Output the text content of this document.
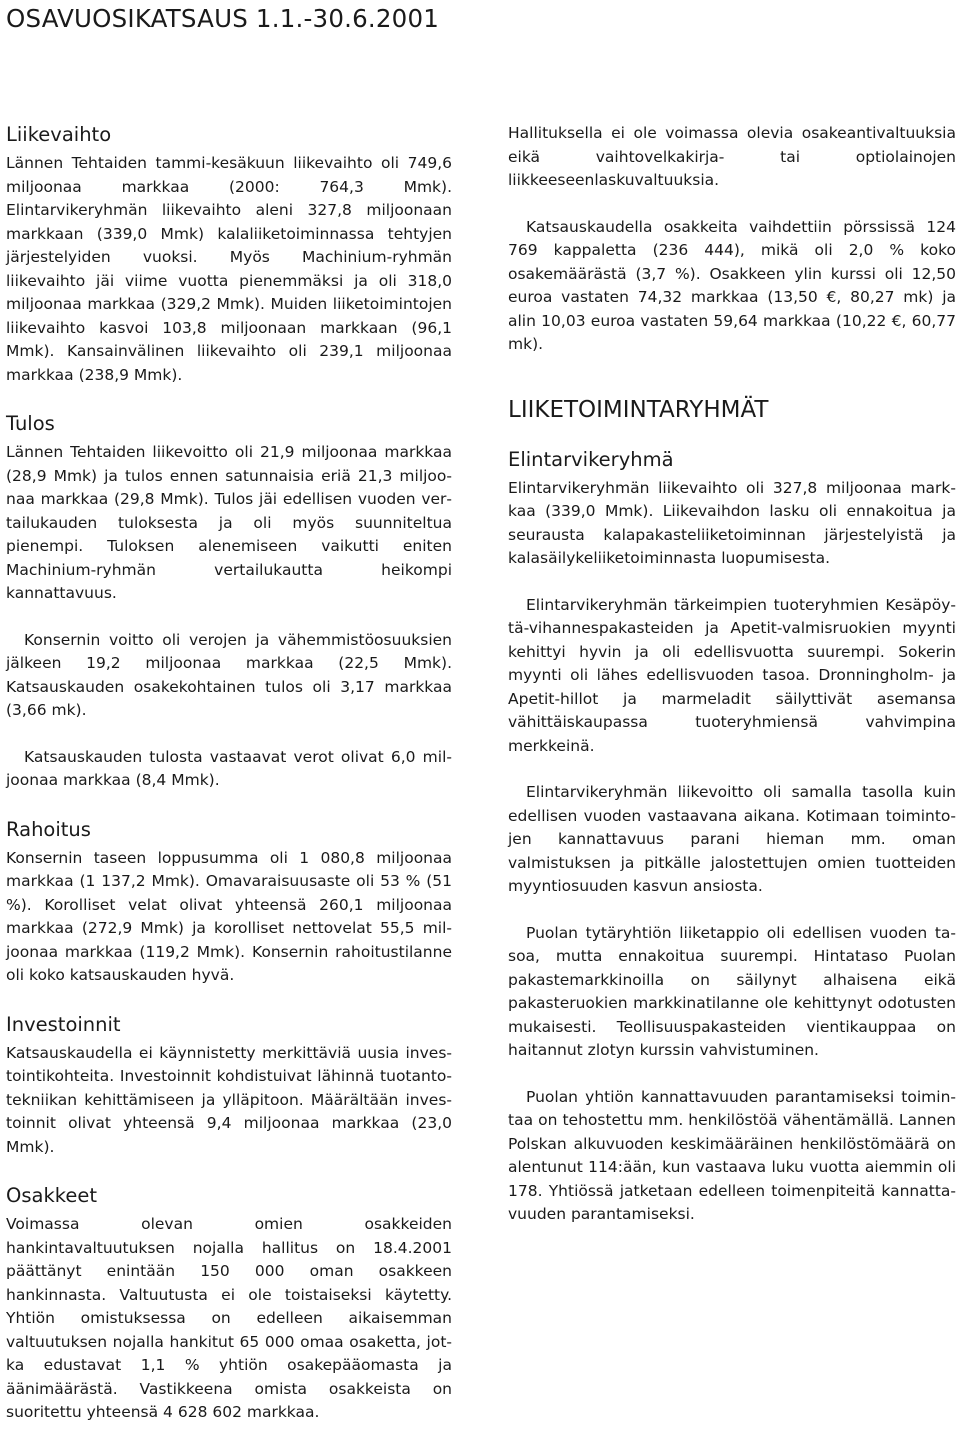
OSAVUOSIKATSAUS 1.1.-30.6.2001
Liikevaihto

Lännen Tehtaiden tammi-kesäkuun liikevaihto oli 749,6 miljoonaa markkaa (2000: 764,3 Mmk). Elintarvikeryhmän liikevaihto aleni 327,8 miljoonaan markkaan (339,0 Mmk) kalaliiketoiminnassa tehtyjen järjestelyiden vuoksi. Myös Machinium-ryhmän liikevaihto jäi viime vuotta pienemmäksi ja oli 318,0 miljoonaa markkaa (329,2 Mmk). Muiden liiketoimintojen liikevaihto kasvoi 103,8 miljoonaan markkaan (96,1 Mmk). Kansainvälinen liikevaihto oli 239,1 miljoonaa markkaa (238,9 Mmk).

Tulos

Lännen Tehtaiden liikevoitto oli 21,9 miljoonaa markkaa (28,9 Mmk) ja tulos ennen satunnaisia eriä 21,3 miljoonaa markkaa (29,8 Mmk). Tulos jäi edellisen vuoden vertailukauden tuloksesta ja oli myös suunniteltua pienempi. Tuloksen alenemiseen vaikutti eniten Machinium-ryhmän vertailukautta heikompi kannattavuus.

Konsernin voitto oli verojen ja vähemmistöosuuksien jälkeen 19,2 miljoonaa markkaa (22,5 Mmk). Katsauskauden osakekohtainen tulos oli 3,17 markkaa (3,66 mk).

Katsauskauden tulosta vastaavat verot olivat 6,0 miljoonaa markkaa (8,4 Mmk).

Rahoitus

Konsernin taseen loppusumma oli 1 080,8 miljoonaa markkaa (1 137,2 Mmk). Omavaraisuusaste oli 53 % (51 %). Korolliset velat olivat yhteensä 260,1 miljoonaa markkaa (272,9 Mmk) ja korolliset nettovelat 55,5 miljoonaa markkaa (119,2 Mmk). Konsernin rahoitustilanne oli koko katsauskauden hyvä.

Investoinnit

Katsauskaudella ei käynnistetty merkittäviä uusia investointikohteita. Investoinnit kohdistuivat lähinnä tuotantotekniikan kehittämiseen ja ylläpitoon. Määrältään investoinnit olivat yhteensä 9,4 miljoonaa markkaa (23,0 Mmk).

Osakkeet

Voimassa olevan omien osakkeiden hankintavaltuutuksen nojalla hallitus on 18.4.2001 päättänyt enintään 150 000 oman osakkeen hankinnasta. Valtuutusta ei ole toistaiseksi käytetty. Yhtiön omistuksessa on edelleen aikaisemman valtuutuksen nojalla hankitut 65 000 omaa osaketta, jotka edustavat 1,1 % yhtiön osakepääomasta ja äänimäärästä. Vastikkeena omista osakkeista on suoritettu yhteensä 4 628 602 markkaa.

Hallituksella ei ole voimassa olevia osakeantivaltuuksia eikä vaihtovelkakirja- tai optiolainojen liikkeeseenlaskuvaltuuksia.

Katsauskaudella osakkeita vaihdettiin pörssissä 124 769 kappaletta (236 444), mikä oli 2,0 % koko osakemäärästä (3,7 %). Osakkeen ylin kurssi oli 12,50 euroa vastaten 74,32 markkaa (13,50 €, 80,27 mk) ja alin 10,03 euroa vastaten 59,64 markkaa (10,22 €, 60,77 mk).

LIIKETOIMINTARYHMÄT
Elintarvikeryhmä

Elintarvikeryhmän liikevaihto oli 327,8 miljoonaa markkaa (339,0 Mmk). Liikevaihdon lasku oli ennakoitua ja seurausta kalapakasteliiketoiminnan järjestelyistä ja kalasäilykeliiketoiminnasta luopumisesta.

Elintarvikeryhmän tärkeimpien tuoteryhmien Kesäpöytä-vihannespakasteiden ja Apetit-valmisruokien myynti kehittyi hyvin ja oli edellisvuotta suurempi. Sokerin myynti oli lähes edellisvuoden tasoa. Dronningholm- ja Apetit-hillot ja marmeladit säilyttivät asemansa vähittäiskaupassa tuoteryhmiensä vahvimpina merkkeinä.

Elintarvikeryhmän liikevoitto oli samalla tasolla kuin edellisen vuoden vastaavana aikana. Kotimaan toimintojen kannattavuus parani hieman mm. oman valmistuksen ja pitkälle jalostettujen omien tuotteiden myyntiosuuden kasvun ansiosta.

Puolan tytäryhtiön liiketappio oli edellisen vuoden tasoa, mutta ennakoitua suurempi. Hintataso Puolan pakastemarkkinoilla on säilynyt alhaisena eikä pakasteruokien markkinatilanne ole kehittynyt odotusten mukaisesti. Teollisuuspakasteiden vientikauppaa on haitannut zlotyn kurssin vahvistuminen.

Puolan yhtiön kannattavuuden parantamiseksi toimintaa on tehostettu mm. henkilöstöä vähentämällä. Lannen Polskan alkuvuoden keskimääräinen henkilöstömäärä on alentunut 114:ään, kun vastaava luku vuotta aiemmin oli 178. Yhtiössä jatketaan edelleen toimenpiteitä kannattavuuden parantamiseksi.
